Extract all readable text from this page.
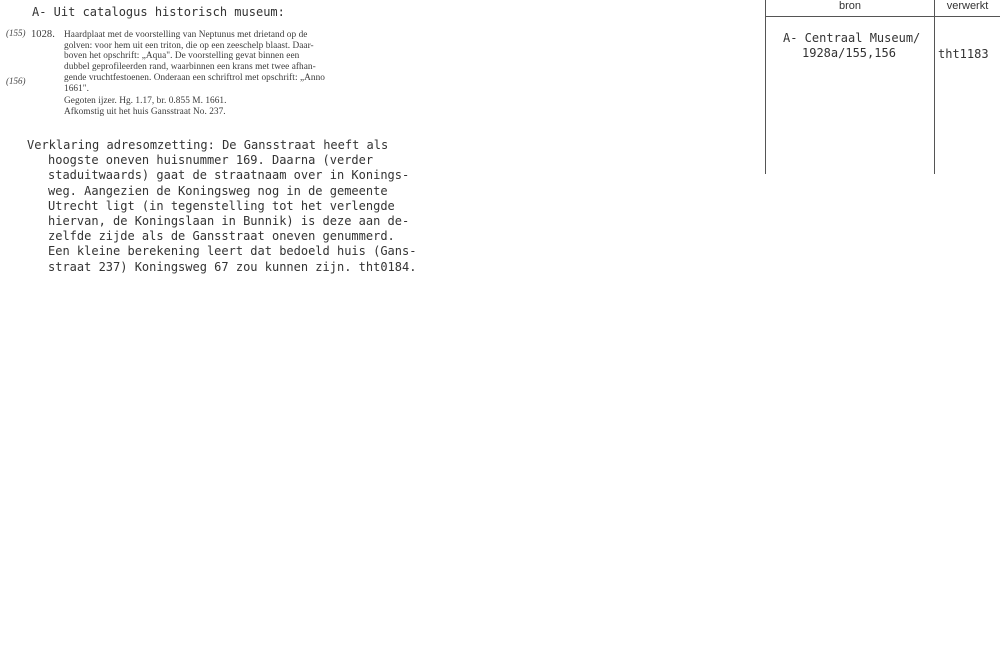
A- Uit catalogus historisch museum:
(155)
(156)
1028. Haardplaat met de voorstelling van Neptunus met drietand op de
golven: voor hem uit een triton, die op een zeeschelp blaast. Daar-
boven het opschrift: „Aqua". De voorstelling gevat binnen een
dubbel geprofileerden rand, waarbinnen een krans met twee afhan-
gende vruchtfestoenen. Onderaan een schriftrol met opschrift: „Anno
1661".
Gegoten ijzer. Hg. 1.17, br. 0.855 M. 1661.
Afkomstig uit het huis Gansstraat No. 237.
Verklaring adresomzetting: De Gansstraat heeft als
hoogste oneven huisnummer 169. Daarna (verder
staduitwaards) gaat de straatnaam over in Konings-
weg. Aangezien de Koningsweg nog in de gemeente
Utrecht ligt (in tegenstelling tot het verlengde
hiervan, de Koningslaan in Bunnik) is deze aan de-
zelfde zijde als de Gansstraat oneven genummerd.
Een kleine berekening leert dat bedoeld huis (Gans-
straat 237) Koningsweg 67 zou kunnen zijn. tht0184.
bron	verwerkt
A- Centraal Museum/
1928a/155,156	tht1183
